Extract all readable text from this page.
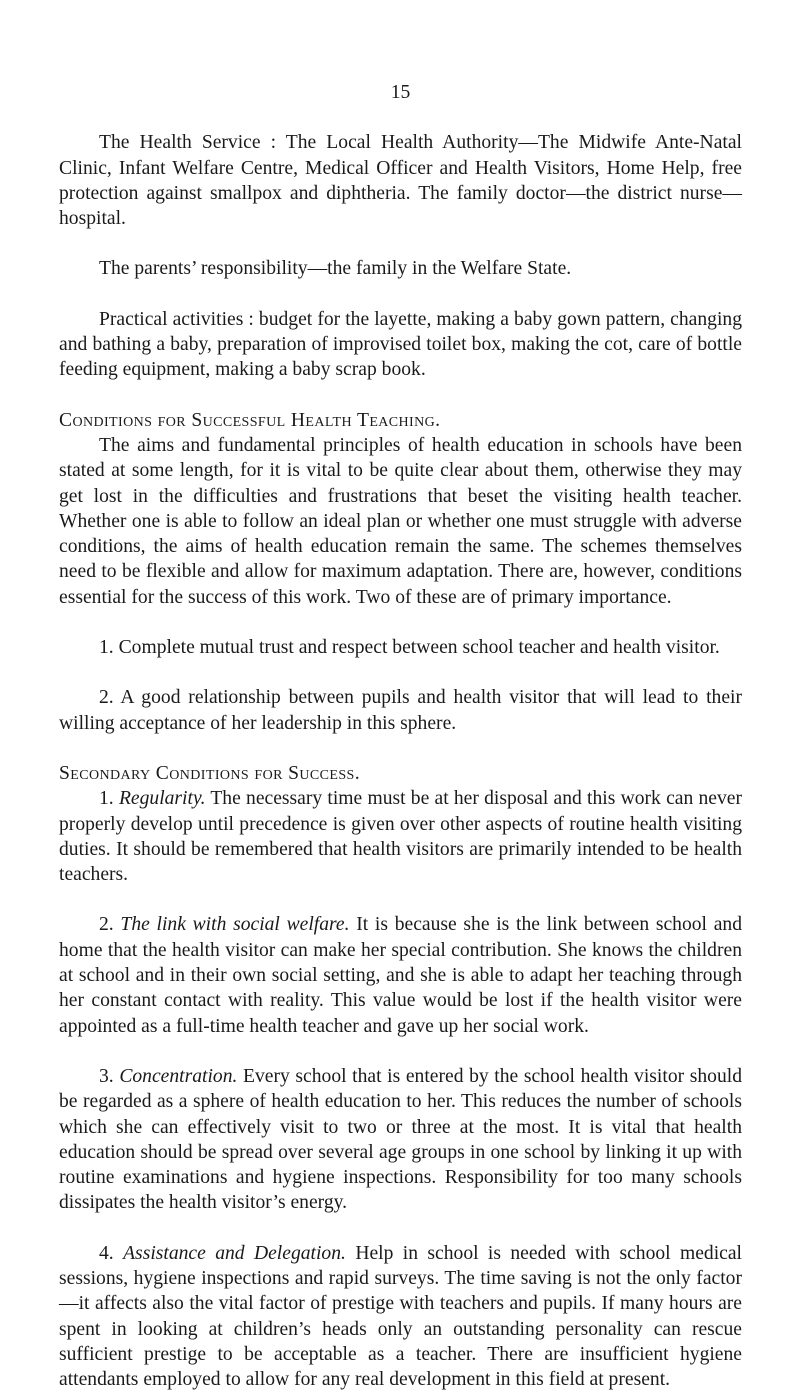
15

The Health Service : The Local Health Authority—The Midwife Ante-Natal Clinic, Infant Welfare Centre, Medical Officer and Health Visitors, Home Help, free protection against smallpox and diphtheria. The family doctor—the district nurse—hospital.

The parents’ responsibility—the family in the Welfare State.

Practical activities : budget for the layette, making a baby gown pattern, changing and bathing a baby, preparation of improvised toilet box, making the cot, care of bottle feeding equipment, making a baby scrap book.

Conditions for Successful Health Teaching.

The aims and fundamental principles of health education in schools have been stated at some length, for it is vital to be quite clear about them, otherwise they may get lost in the difficulties and frustrations that beset the visiting health teacher. Whether one is able to follow an ideal plan or whether one must struggle with adverse conditions, the aims of health education remain the same. The schemes themselves need to be flexible and allow for maximum adaptation. There are, however, conditions essential for the success of this work. Two of these are of primary importance.

1. Complete mutual trust and respect between school teacher and health visitor.

2. A good relationship between pupils and health visitor that will lead to their willing acceptance of her leadership in this sphere.

Secondary Conditions for Success.

1. Regularity. The necessary time must be at her disposal and this work can never properly develop until precedence is given over other aspects of routine health visiting duties. It should be remembered that health visitors are primarily intended to be health teachers.

2. The link with social welfare. It is because she is the link between school and home that the health visitor can make her special contribution. She knows the children at school and in their own social setting, and she is able to adapt her teaching through her constant contact with reality. This value would be lost if the health visitor were appointed as a full-time health teacher and gave up her social work.

3. Concentration. Every school that is entered by the school health visitor should be regarded as a sphere of health education to her. This reduces the number of schools which she can effectively visit to two or three at the most. It is vital that health education should be spread over several age groups in one school by linking it up with routine examinations and hygiene inspections. Responsibility for too many schools dissipates the health visitor’s energy.

4. Assistance and Delegation. Help in school is needed with school medical sessions, hygiene inspections and rapid surveys. The time saving is not the only factor—it affects also the vital factor of prestige with teachers and pupils. If many hours are spent in looking at children’s heads only an outstanding personality can rescue sufficient prestige to be acceptable as a teacher. There are insufficient hygiene attendants employed to allow for any real development in this field at present.
